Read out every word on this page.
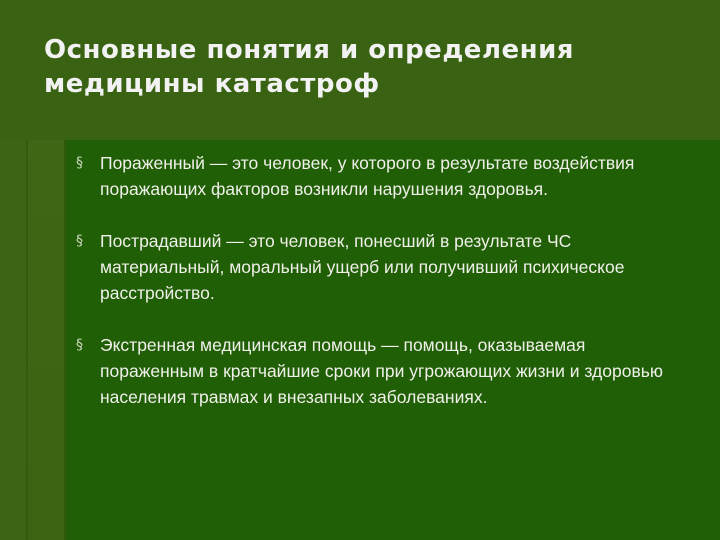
Основные понятия и определения
медицины катастроф
§ Пораженный — это человек, у которого в результате воздействия поражающих факторов возникли нарушения здоровья.
§ Пострадавший — это человек, понесший в результате ЧС материальный, моральный ущерб или получивший психическое расстройство.
§ Экстренная медицинская помощь — помощь, оказываемая пораженным в кратчайшие сроки при угрожающих жизни и здоровью населения травмах и внезапных заболеваниях.
